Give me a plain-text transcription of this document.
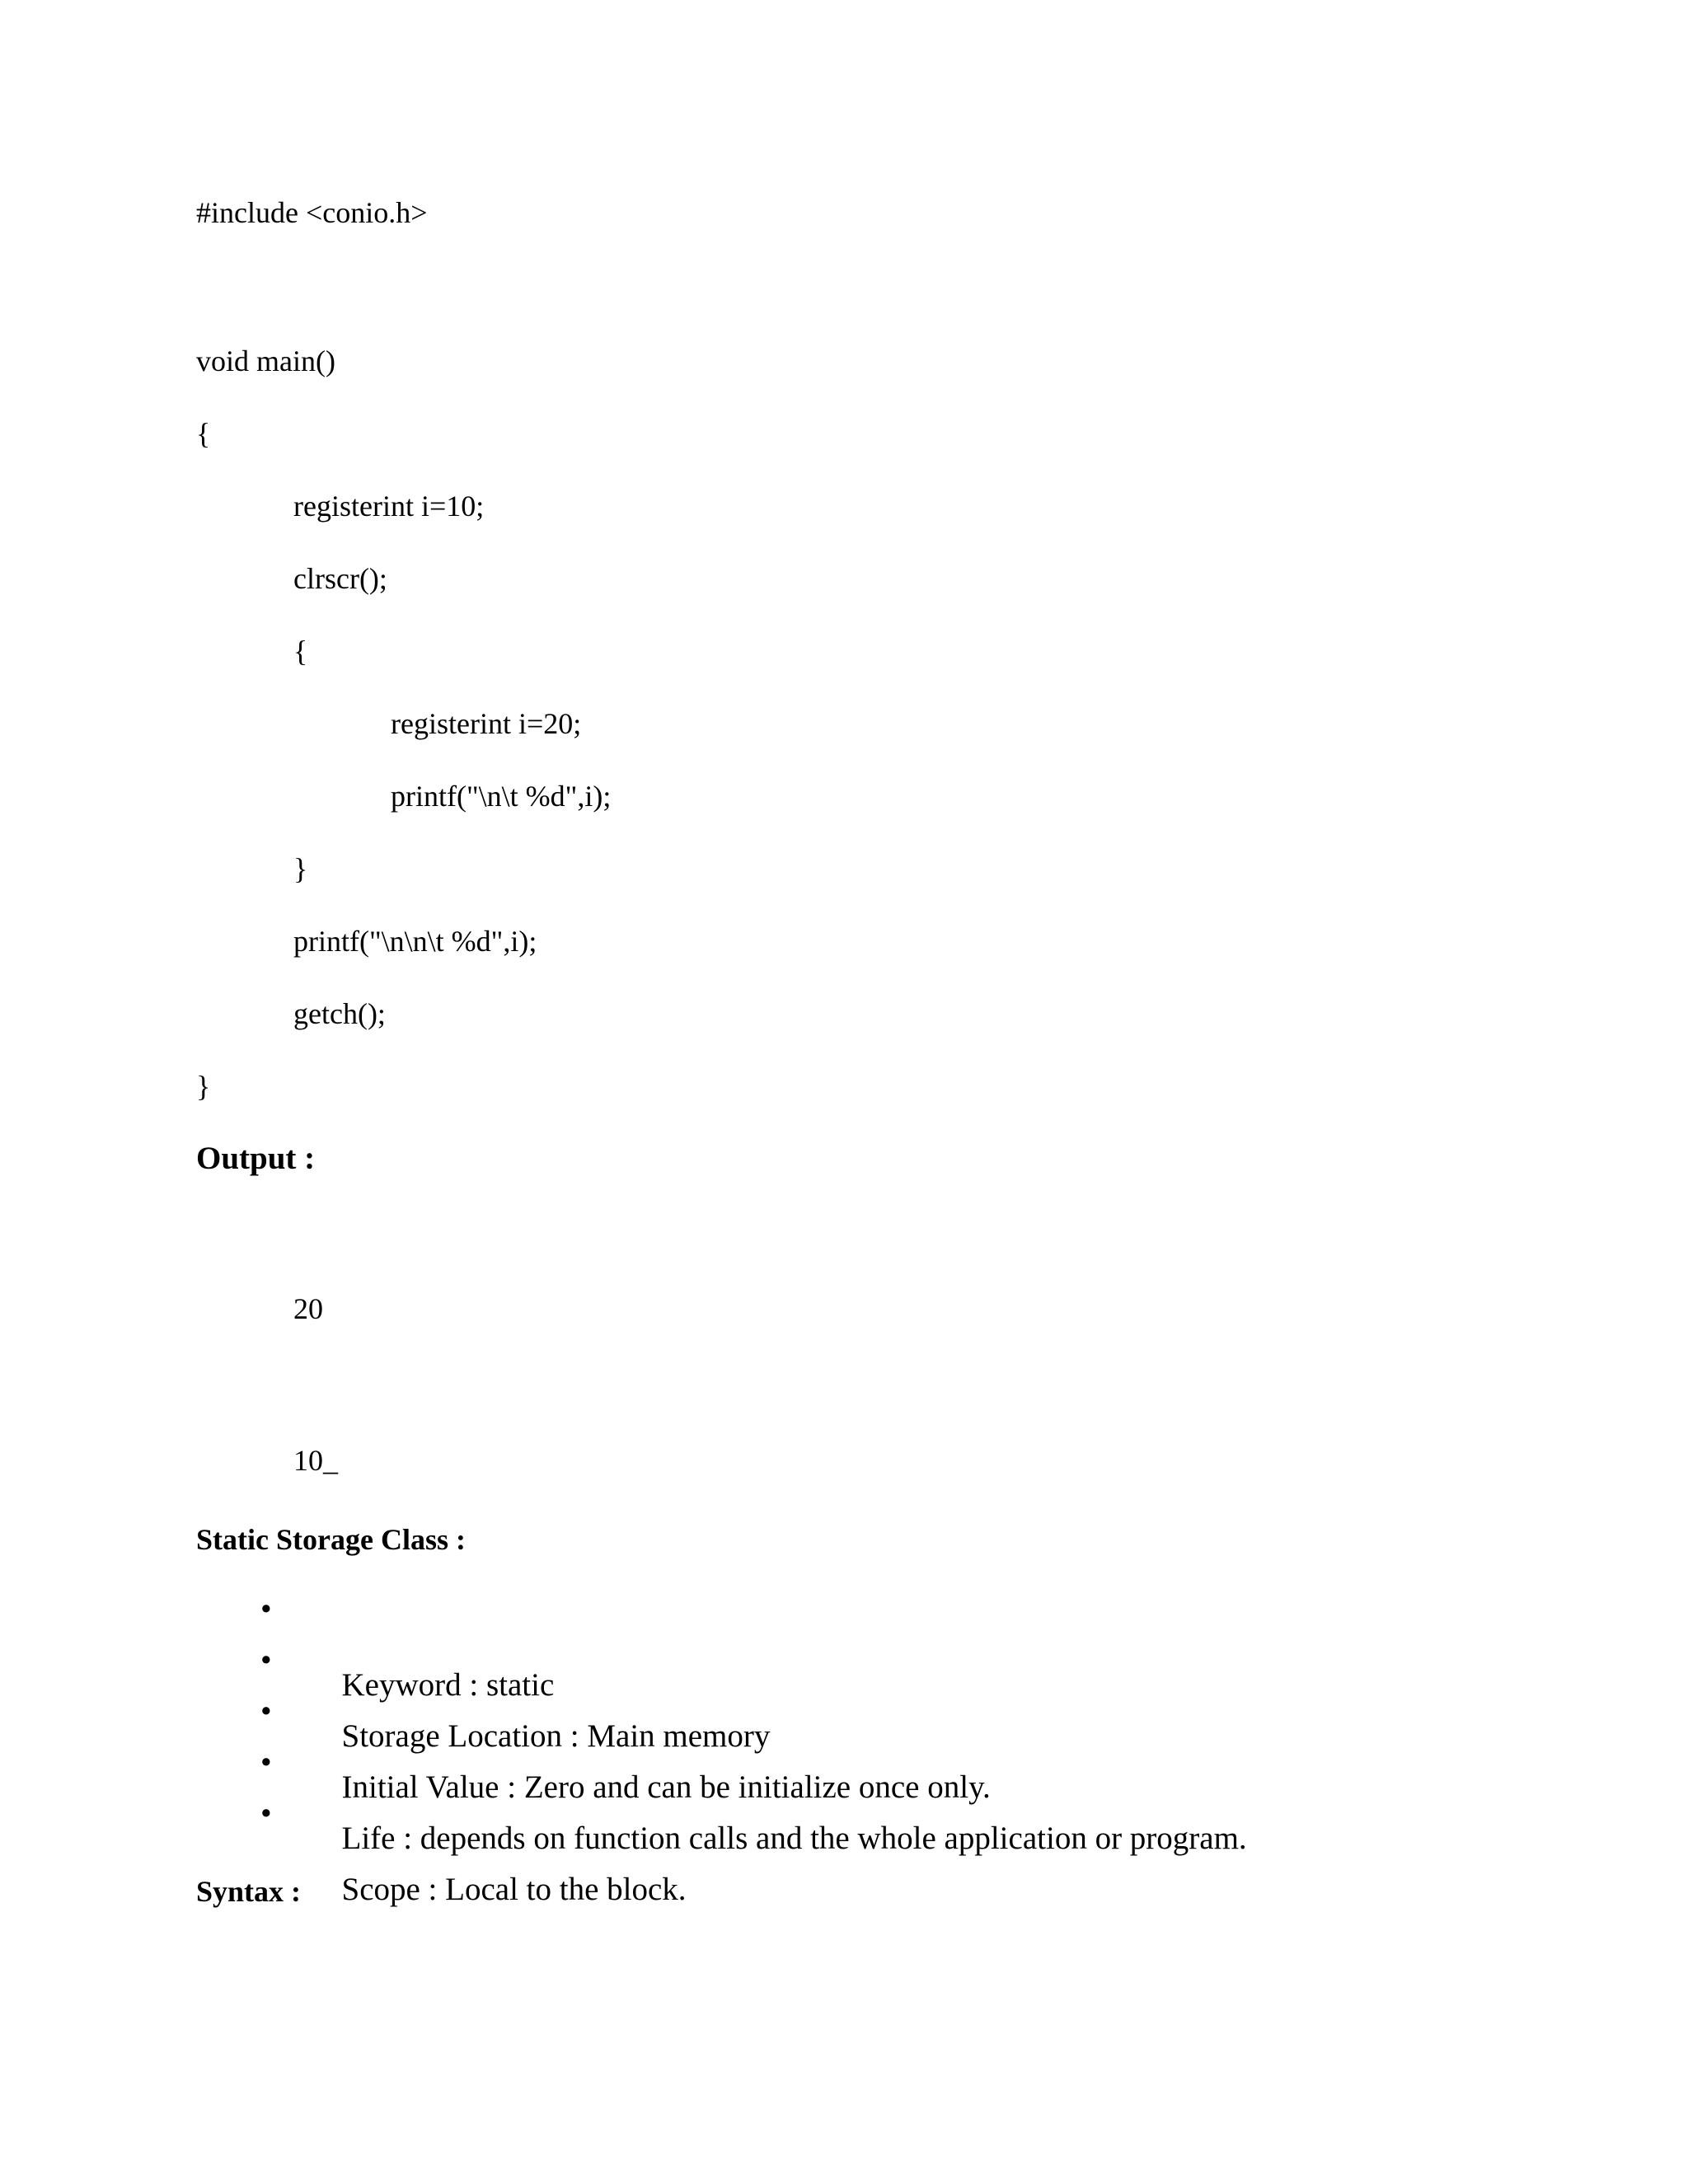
#include <conio.h>

void main()

{

registerint i=10;

clrscr();

{

registerint i=20;

printf("\n\t %d",i);

}

printf("\n\n\t %d",i);

getch();

}

Output :

20

10_

Static Storage Class :

•

Keyword : static

•

Storage Location : Main memory

•

Initial Value : Zero and can be initialize once only.

•

Life : depends on function calls and the whole application or program.

•

Scope : Local to the block.

Syntax :
